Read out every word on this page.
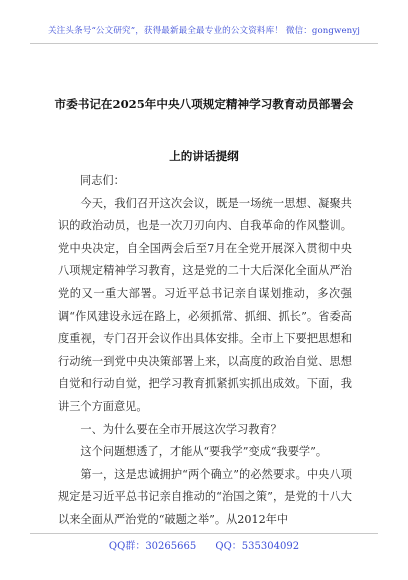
关注头条号“公文研究”，获得最新最全最专业的公文资料库！ 微信：gongwenyj
市委书记在2025年中央八项规定精神学习教育动员部署会
上的讲话提纲

同志们：

今天，我们召开这次会议，既是一场统一思想、凝聚共识的政治动员，也是一次刀刃向内、自我革命的作风整训。党中央决定，自全国两会后至7月在全党开展深入贯彻中央八项规定精神学习教育，这是党的二十大后深化全面从严治党的又一重大部署。习近平总书记亲自谋划推动，多次强调“作风建设永远在路上，必须抓常、抓细、抓长”。省委高度重视，专门召开会议作出具体安排。全市上下要把思想和行动统一到党中央决策部署上来，以高度的政治自觉、思想自觉和行动自觉，把学习教育抓紧抓实抓出成效。下面，我讲三个方面意见。

一、为什么要在全市开展这次学习教育？

这个问题想透了，才能从“要我学”变成“我要学”。

第一，这是忠诚拥护“两个确立”的必然要求。中央八项规定是习近平总书记亲自推动的“治国之策”，是党的十八大以来全面从严治党的“破题之举”。从2012年中

QQ群：30265665 QQ：535304092
